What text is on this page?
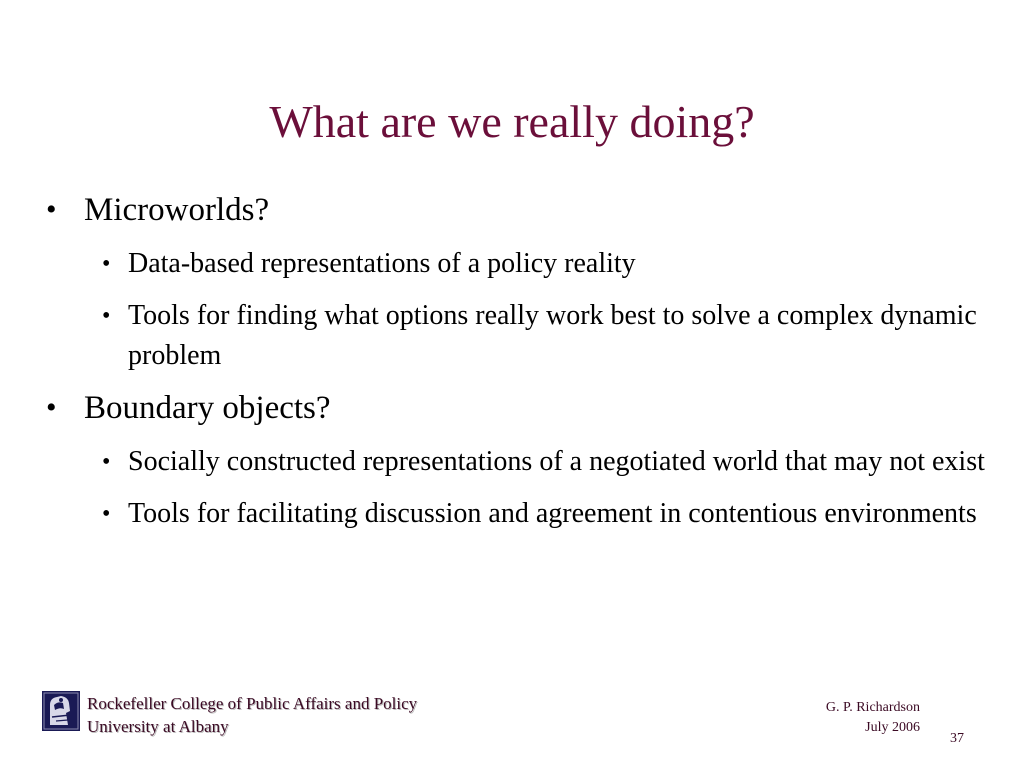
What are we really doing?
• Microworlds?
• Data-based representations of a policy reality
• Tools for finding what options really work best to solve a complex dynamic problem
• Boundary objects?
• Socially constructed representations of a negotiated world that may not exist
• Tools for facilitating discussion and agreement in contentious environments
Rockefeller College of Public Affairs and Policy
University at Albany
G. P. Richardson
July 2006
37
